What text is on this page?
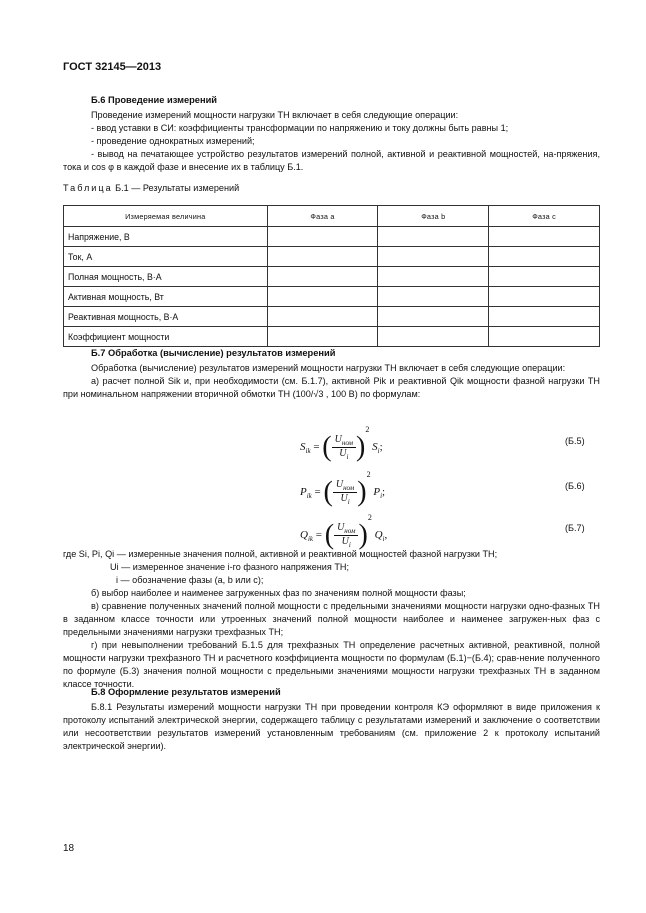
ГОСТ 32145—2013
Б.6 Проведение измерений

Проведение измерений мощности нагрузки ТН включает в себя следующие операции:

- ввод уставки в СИ: коэффициенты трансформации по напряжению и току должны быть равны 1;

- проведение однократных измерений;

- вывод на печатающее устройство результатов измерений полной, активной и реактивной мощностей, на-пряжения, тока и cos φ в каждой фазе и внесение их в таблицу Б.1.

Таблица Б.1 — Результаты измерений
Измеряемая величина	Фаза a	Фаза b	Фаза c
Напряжение, В			
Ток, А			
Полная мощность, В·А			
Активная мощность, Вт			
Реактивная мощность, В·А			
Коэффициент мощности			
Б.7 Обработка (вычисление) результатов измерений

Обработка (вычисление) результатов измерений мощности нагрузки ТН включает в себя следующие операции:

а) расчет полной Sik и, при необходимости (см. Б.1.7), активной Pik и реактивной Qik мощности фазной нагрузки ТН при номинальном напряжении вторичной обмотки ТН (100/√3 , 100 В) по формулам:

$S_{ik}$ = ( $\frac{U_{ном}}{U_i} )^2$ $S_i$;	(Б.5)
$P_{ik}$ = ( $\frac{U_{ном}}{U_i} )^2$ $P_i$;	(Б.6)
$Q_{ik}$ = ( $\frac{U_{ном}}{U_i} )^2$ $Q_i$,
(Б.7)
где Si, Pi, Qi — измеренные значения полной, активной и реактивной мощностей фазной нагрузки ТН;
Ui — измеренное значение i-го фазного напряжения ТН;
i — обозначение фазы (a, b или c);

б) выбор наиболее и наименее загруженных фаз по значениям полной мощности фазы;

в) сравнение полученных значений полной мощности с предельными значениями мощности нагрузки одно-фазных ТН в заданном классе точности или утроенных значений полной мощности наиболее и наименее загружен-ных фаз с предельными значениями нагрузки трехфазных ТН;

г) при невыполнении требований Б.1.5 для трехфазных ТН определение расчетных активной, реактивной, полной мощности нагрузки трехфазного ТН и расчетного коэффициента мощности по формулам (Б.1)−(Б.4); срав-нение полученного по формуле (Б.3) значения полной мощности с предельными значениями мощности нагрузки трехфазных ТН в заданном классе точности.

Б.8 Оформление результатов измерений

Б.8.1 Результаты измерений мощности нагрузки ТН при проведении контроля КЭ оформляют в виде приложения к протоколу испытаний электрической энергии, содержащего таблицу с результатами измерений и заключение о соответствии или несоответствии результатов измерений установленным требованиям (см. приложение 2 к протоколу испытаний электрической энергии).

18
